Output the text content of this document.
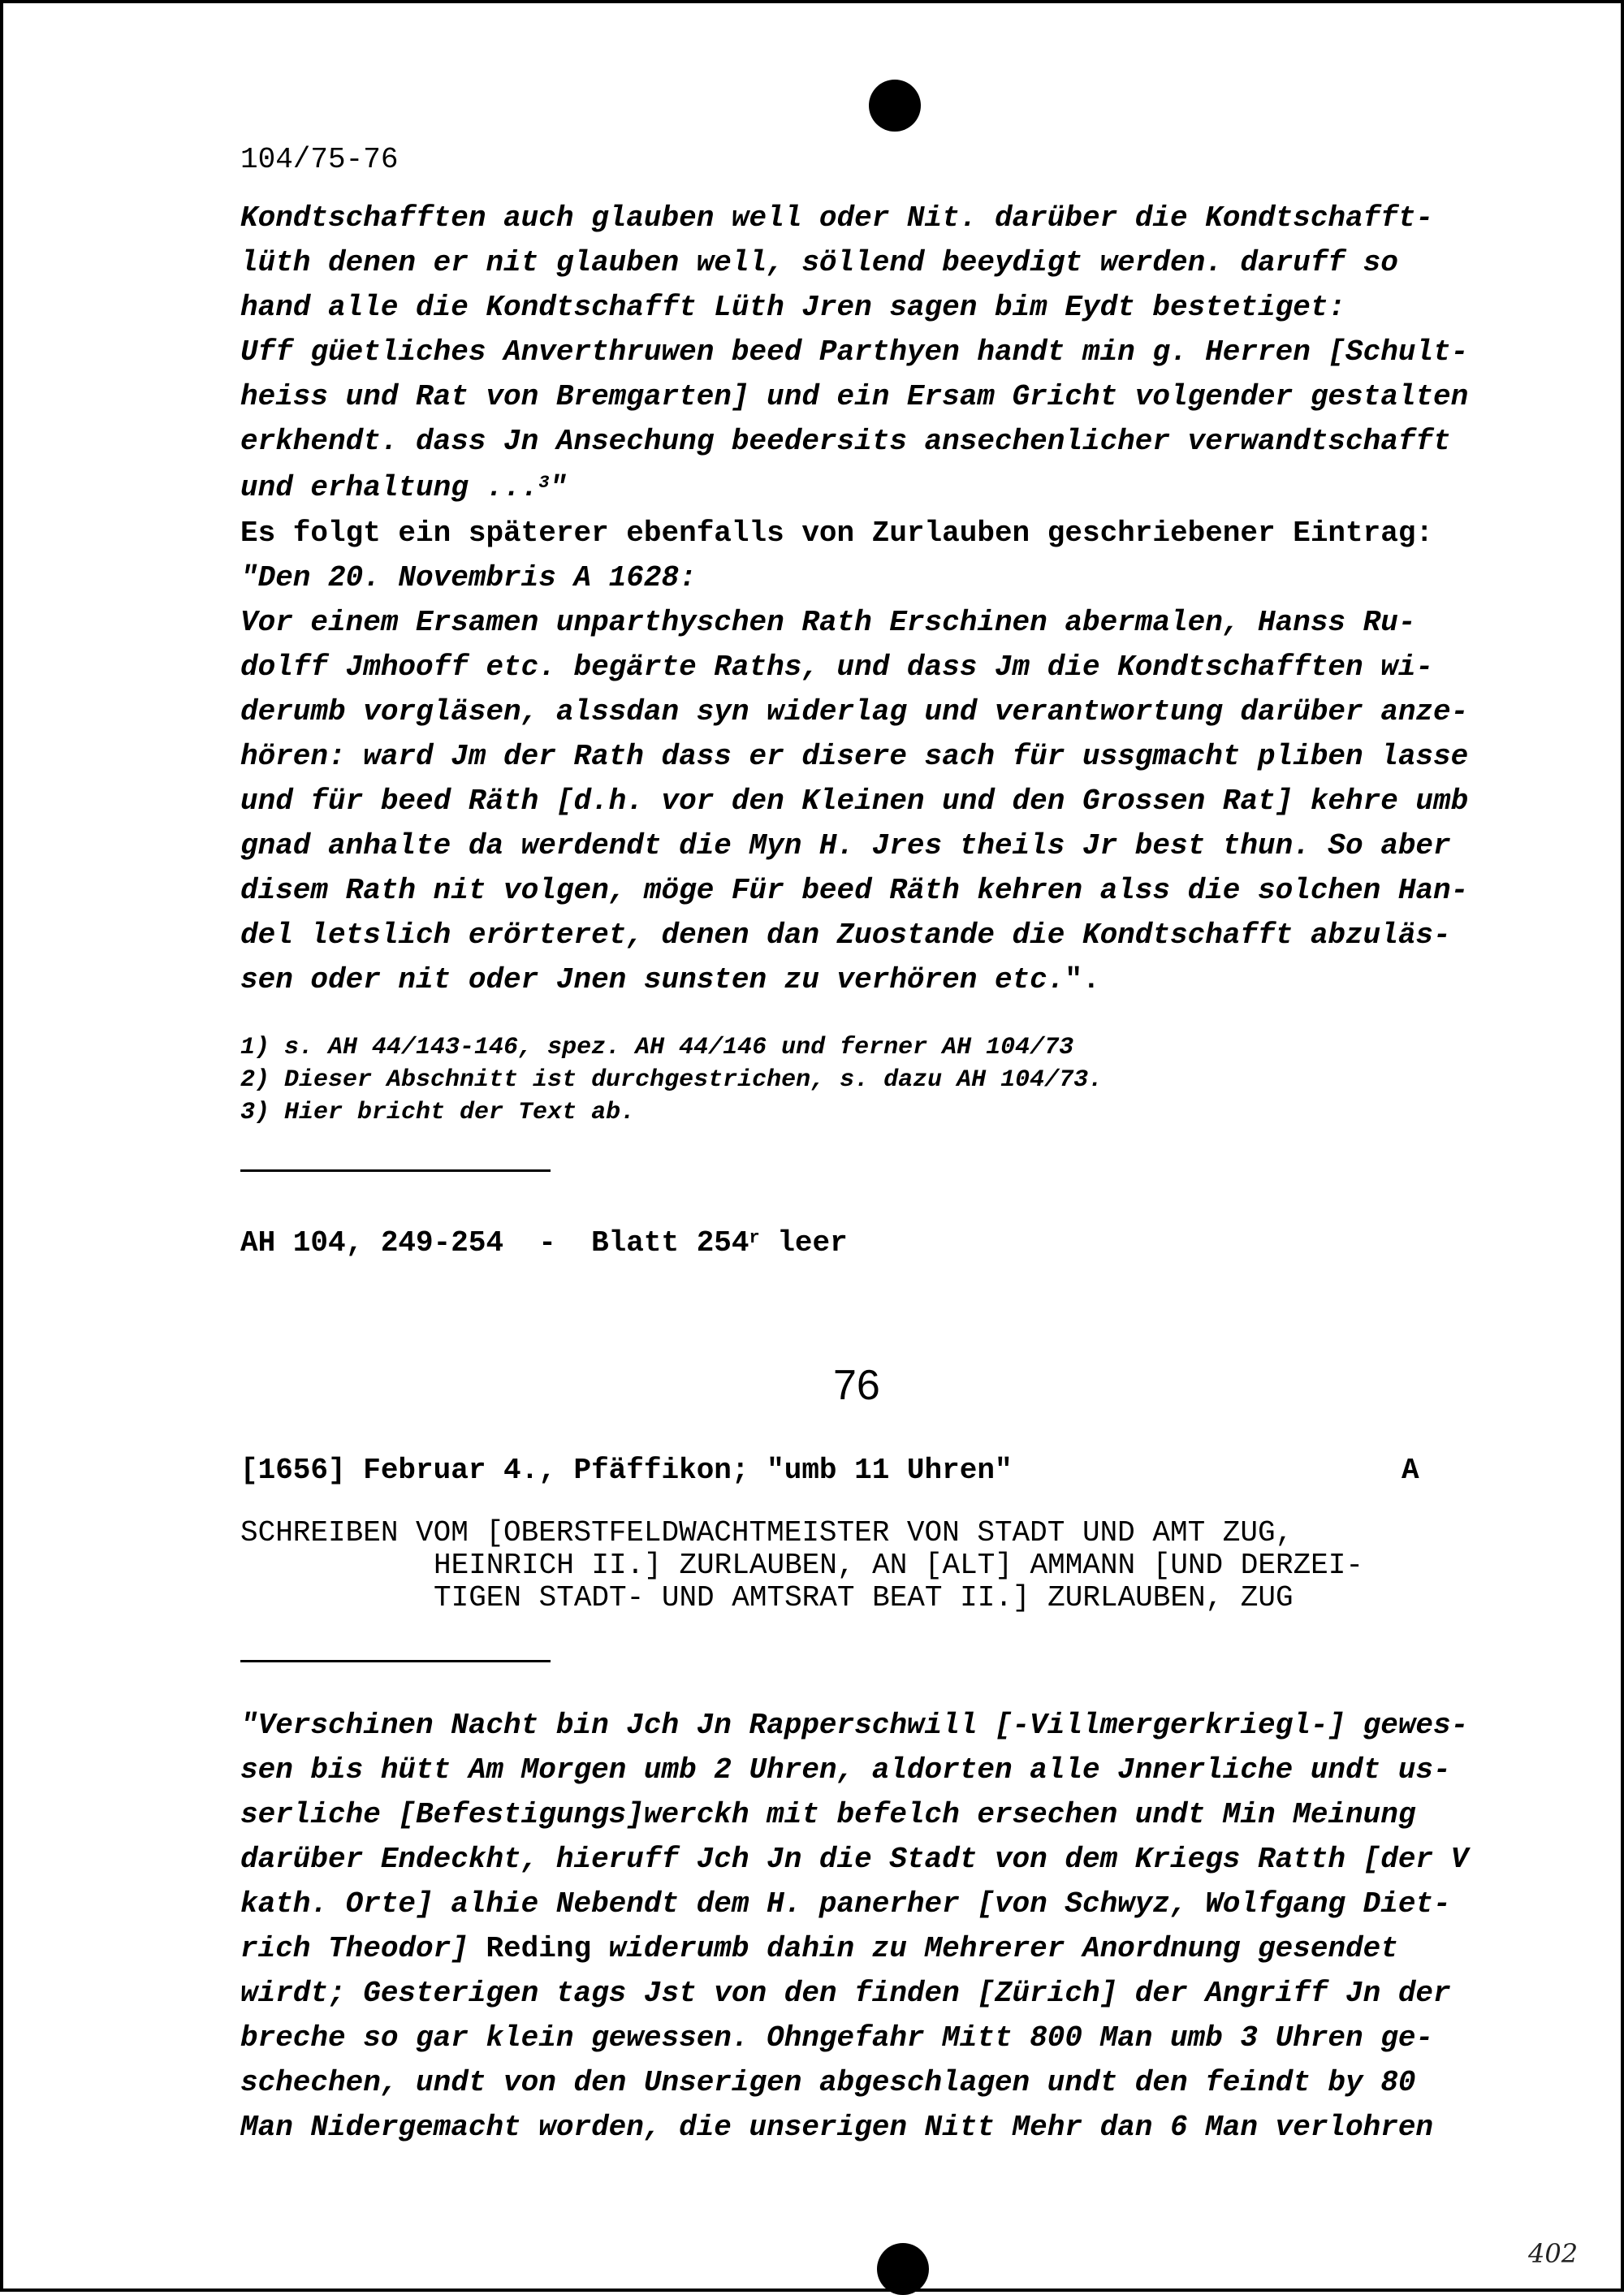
104/75-76
Kondtschafften auch glauben well oder Nit. darüber die Kondtschafft-
lüth denen er nit glauben well, söllend beeydigt werden. daruff so
hand alle die Kondtschafft Lüth Jren sagen bim Eydt bestetiget:
Uff güetliches Anverthruwen beed Parthyen handt min g. Herren [Schult-
heiss und Rat von Bremgarten] und ein Ersam Gricht volgender gestalten
erkhendt. dass Jn Ansechung beedersits ansechenlicher verwandtschafft
und erhaltung ...$^3$"
Es folgt ein späterer ebenfalls von Zurlauben geschriebener Eintrag:
"Den 20. Novembris A 1628:
Vor einem Ersamen unparthyschen Rath Erschinen abermalen, Hanss Ru-
dolff Jmhooff etc. begärte Raths, und dass Jm die Kondtschafften wi-
derumb vorgläsen, alssdan syn widerlag und verantwortung darüber anze-
hören: ward Jm der Rath dass er disere sach für ussgmacht pliben lasse
und für beed Räth [d.h. vor den Kleinen und den Grossen Rat] kehre umb
gnad anhalte da werdendt die Myn H. Jres theils Jr best thun. So aber
disem Rath nit volgen, möge Für beed Räth kehren alss die solchen Han-
del letslich erörteret, denen dan Zuostande die Kondtschafft abzuläs-
sen oder nit oder Jnen sunsten zu verhören etc.".
1) s. AH 44/143-146, spez. AH 44/146 und ferner AH 104/73
2) Dieser Abschnitt ist durchgestrichen, s. dazu AH 104/73.
3) Hier bricht der Text ab.
AH 104, 249-254  -  Blatt 254$^r$ leer
76
[1656] Februar 4., Pfäffikon; "umb 11 Uhren"	A
SCHREIBEN VOM [OBERSTFELDWACHTMEISTER VON STADT UND AMT ZUG,
HEINRICH II.] ZURLAUBEN, AN [ALT] AMMANN [UND DERZEI-
TIGEN STADT- UND AMTSRAT BEAT II.] ZURLAUBEN, ZUG
"Verschinen Nacht bin Jch Jn Rapperschwill [-Villmergerkriegl-] gewes-
sen bis hütt Am Morgen umb 2 Uhren, aldorten alle Jnnerliche undt us-
serliche [Befestigungs]werckh mit befelch ersechen undt Min Meinung
darüber Endeckht, hieruff Jch Jn die Stadt von dem Kriegs Ratth [der V
kath. Orte] alhie Nebendt dem H. panerher [von Schwyz, Wolfgang Diet-
rich Theodor] Reding widerumb dahin zu Mehrerer Anordnung gesendet
wirdt; Gesterigen tags Jst von den finden [Zürich] der Angriff Jn der
breche so gar klein gewessen. Ohngefahr Mitt 800 Man umb 3 Uhren ge-
schechen, undt von den Unserigen abgeschlagen undt den feindt by 80
Man Nidergemacht worden, die unserigen Nitt Mehr dan 6 Man verlohren
402
